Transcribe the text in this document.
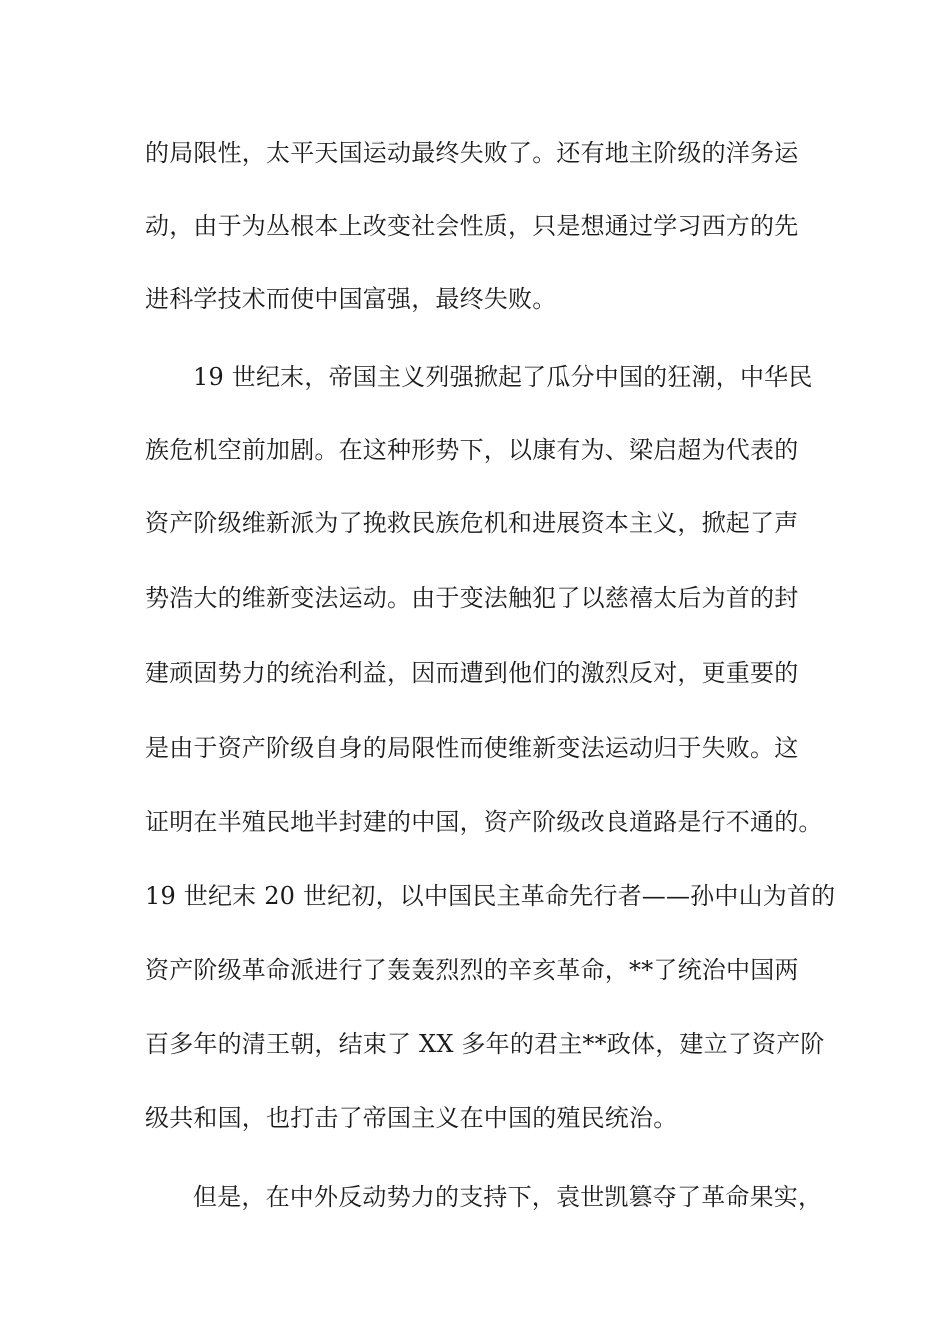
的局限性，太平天国运动最终失败了。还有地主阶级的洋务运
动，由于为丛根本上改变社会性质，只是想通过学习西方的先
进科学技术而使中国富强，最终失败。
19 世纪末，帝国主义列强掀起了瓜分中国的狂潮，中华民
族危机空前加剧。在这种形势下，以康有为、梁启超为代表的
资产阶级维新派为了挽救民族危机和进展资本主义，掀起了声
势浩大的维新变法运动。由于变法触犯了以慈禧太后为首的封
建顽固势力的统治利益，因而遭到他们的激烈反对，更重要的
是由于资产阶级自身的局限性而使维新变法运动归于失败。这
证明在半殖民地半封建的中国，资产阶级改良道路是行不通的。
19 世纪末 20 世纪初，以中国民主革命先行者——孙中山为首的
资产阶级革命派进行了轰轰烈烈的辛亥革命，**了统治中国两
百多年的清王朝，结束了 XX 多年的君主**政体，建立了资产阶
级共和国，也打击了帝国主义在中国的殖民统治。
但是，在中外反动势力的支持下，袁世凯篡夺了革命果实，
